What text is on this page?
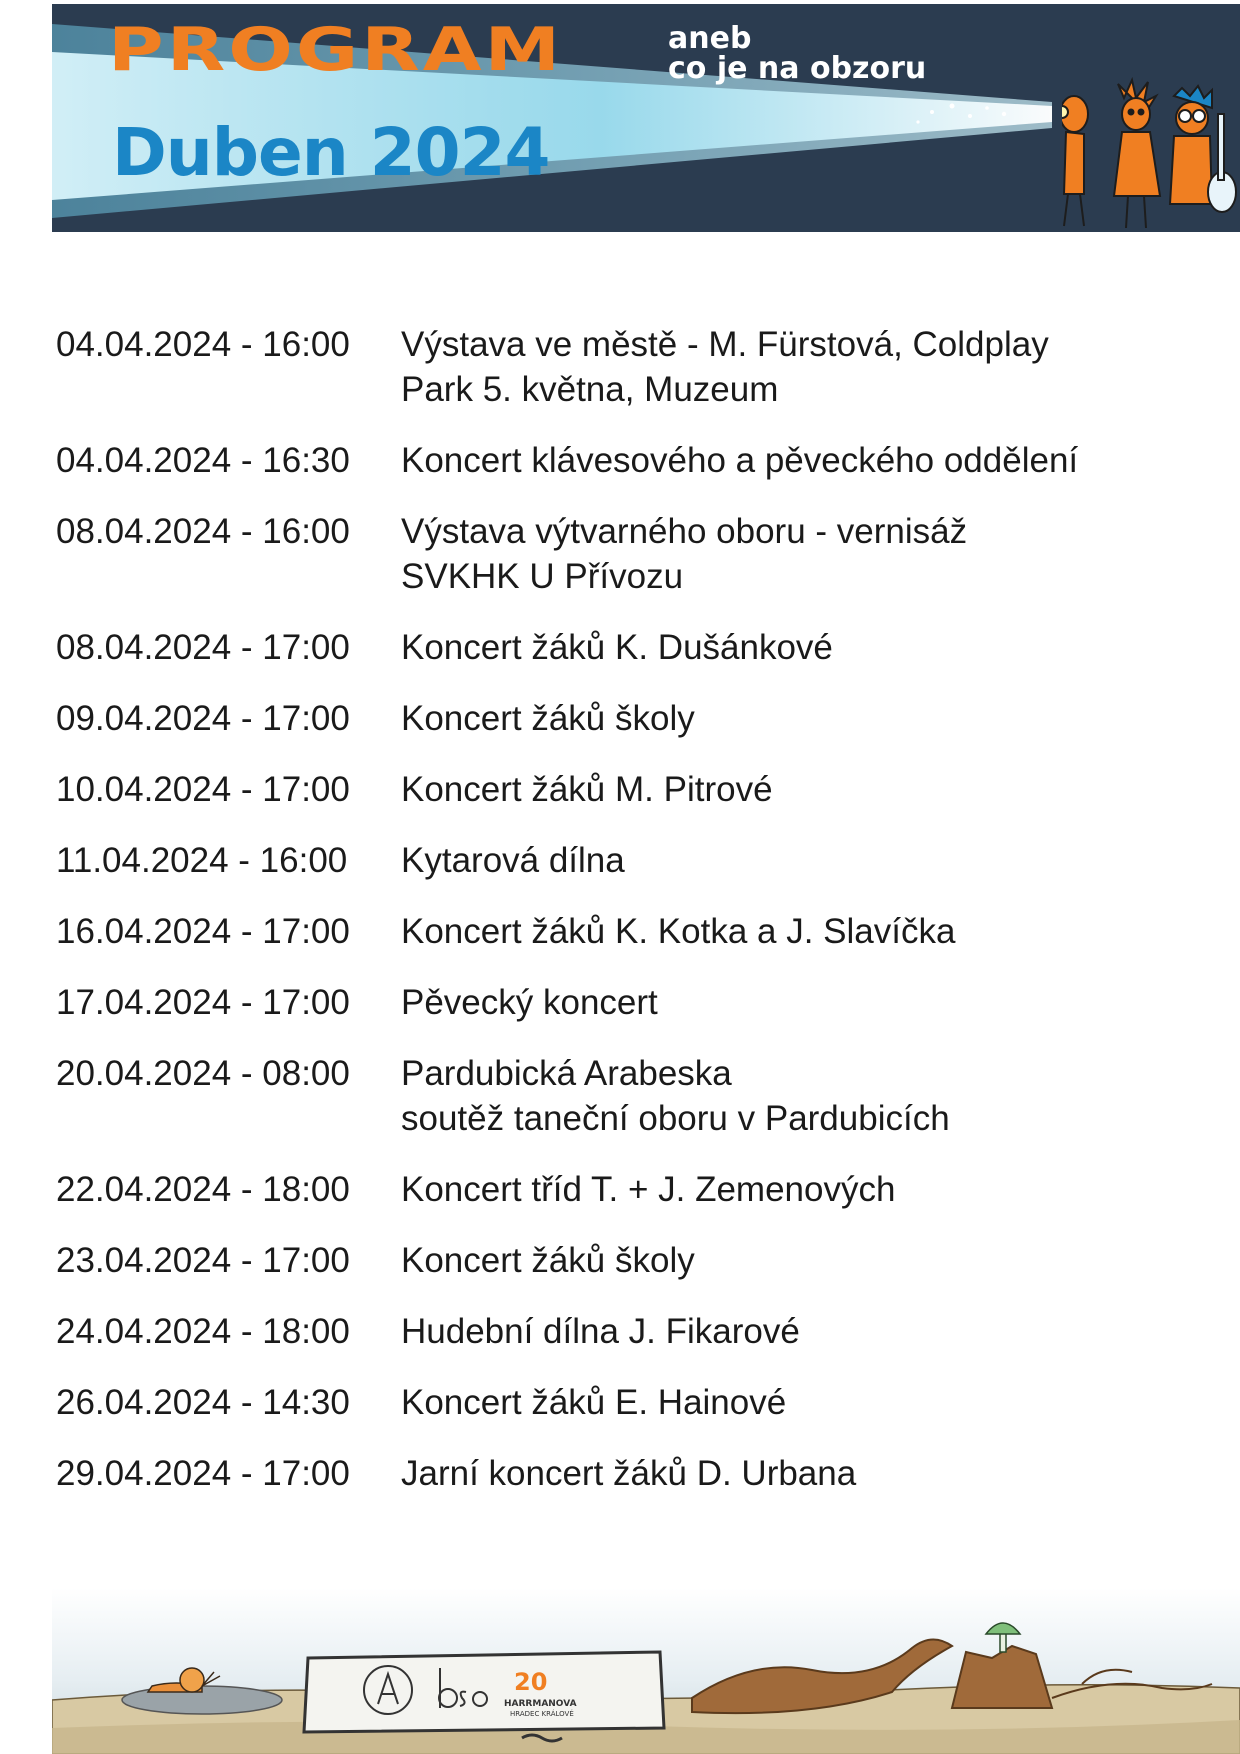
PROGRAM	aneb
co je na obzoru
Duben 2024
04.04.2024 - 16:00	Výstava ve městě - M. Fürstová, Coldplay
Park 5. května, Muzeum
04.04.2024 - 16:30	Koncert klávesového a pěveckého oddělení
08.04.2024 - 16:00	Výstava výtvarného oboru - vernisáž
SVKHK U Přívozu
08.04.2024 - 17:00	Koncert žáků K. Dušánkové
09.04.2024 - 17:00	Koncert žáků školy
10.04.2024 - 17:00	Koncert žáků M. Pitrové
11.04.2024 - 16:00	Kytarová dílna
16.04.2024 - 17:00	Koncert žáků K. Kotka a J. Slavíčka
17.04.2024 - 17:00	Pěvecký koncert
20.04.2024 - 08:00	Pardubická Arabeska
soutěž taneční oboru v Pardubicích
22.04.2024 - 18:00	Koncert tříd T. + J. Zemenových
23.04.2024 - 17:00	Koncert žáků školy
24.04.2024 - 18:00	Hudební dílna J. Fikarové
26.04.2024 - 14:30	Koncert žáků E. Hainové
29.04.2024 - 17:00	Jarní koncert žáků D. Urbana
20
HARRMANOVA
HRADEC KRÁLOVÉ
